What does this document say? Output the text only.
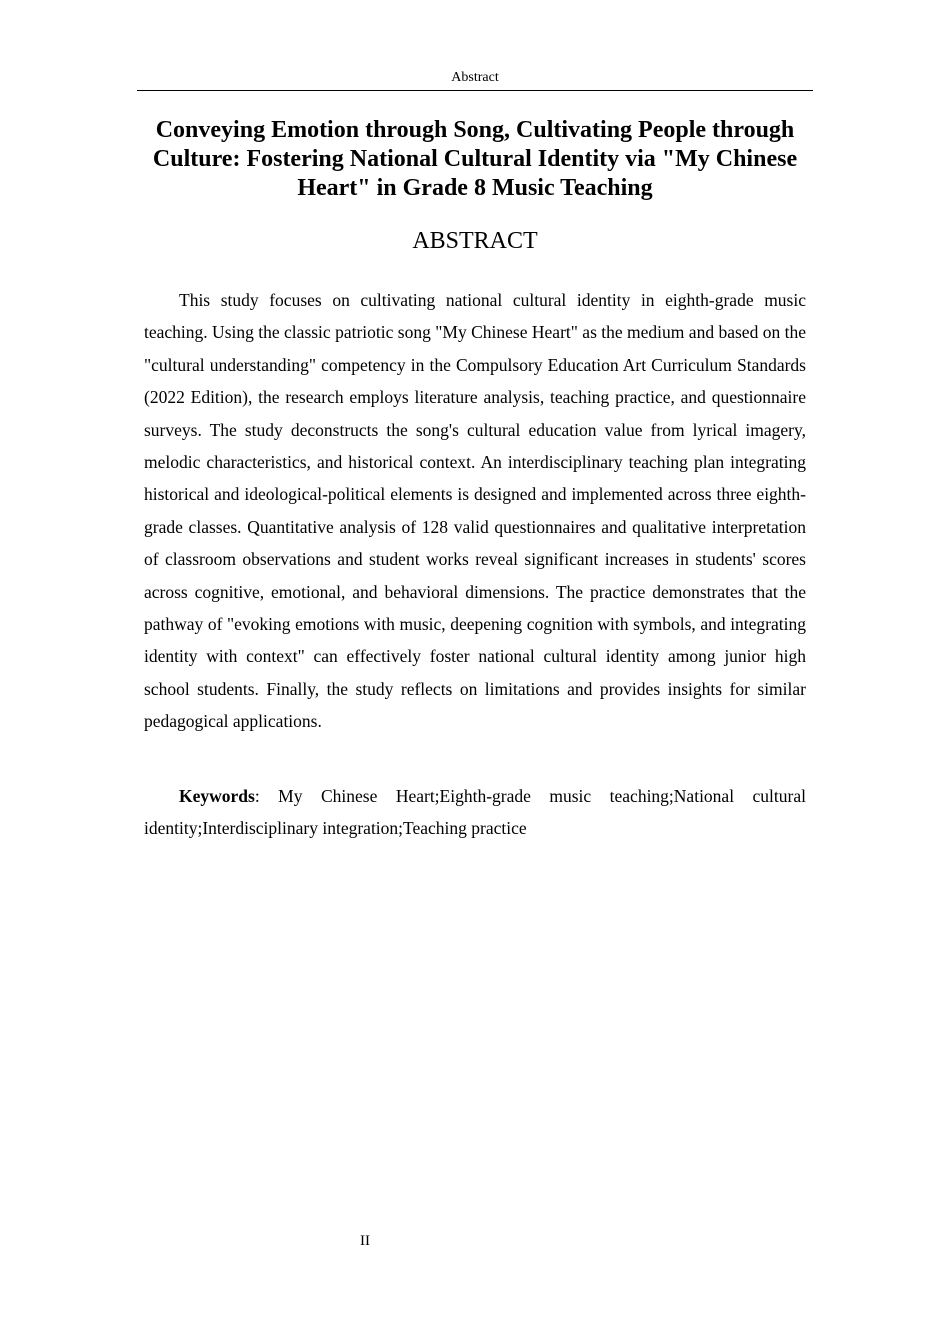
Abstract
Conveying Emotion through Song, Cultivating People through Culture: Fostering National Cultural Identity via "My Chinese Heart" in Grade 8 Music Teaching
ABSTRACT

This study focuses on cultivating national cultural identity in eighth-grade music teaching. Using the classic patriotic song "My Chinese Heart" as the medium and based on the "cultural understanding" competency in the Compulsory Education Art Curriculum Standards (2022 Edition), the research employs literature analysis, teaching practice, and questionnaire surveys. The study deconstructs the song's cultural education value from lyrical imagery, melodic characteristics, and historical context. An interdisciplinary teaching plan integrating historical and ideological-political elements is designed and implemented across three eighth-grade classes. Quantitative analysis of 128 valid questionnaires and qualitative interpretation of classroom observations and student works reveal significant increases in students' scores across cognitive, emotional, and behavioral dimensions. The practice demonstrates that the pathway of "evoking emotions with music, deepening cognition with symbols, and integrating identity with context" can effectively foster national cultural identity among junior high school students. Finally, the study reflects on limitations and provides insights for similar pedagogical applications.

Keywords: My Chinese Heart;Eighth-grade music teaching;National cultural identity;Interdisciplinary integration;Teaching practice

II
